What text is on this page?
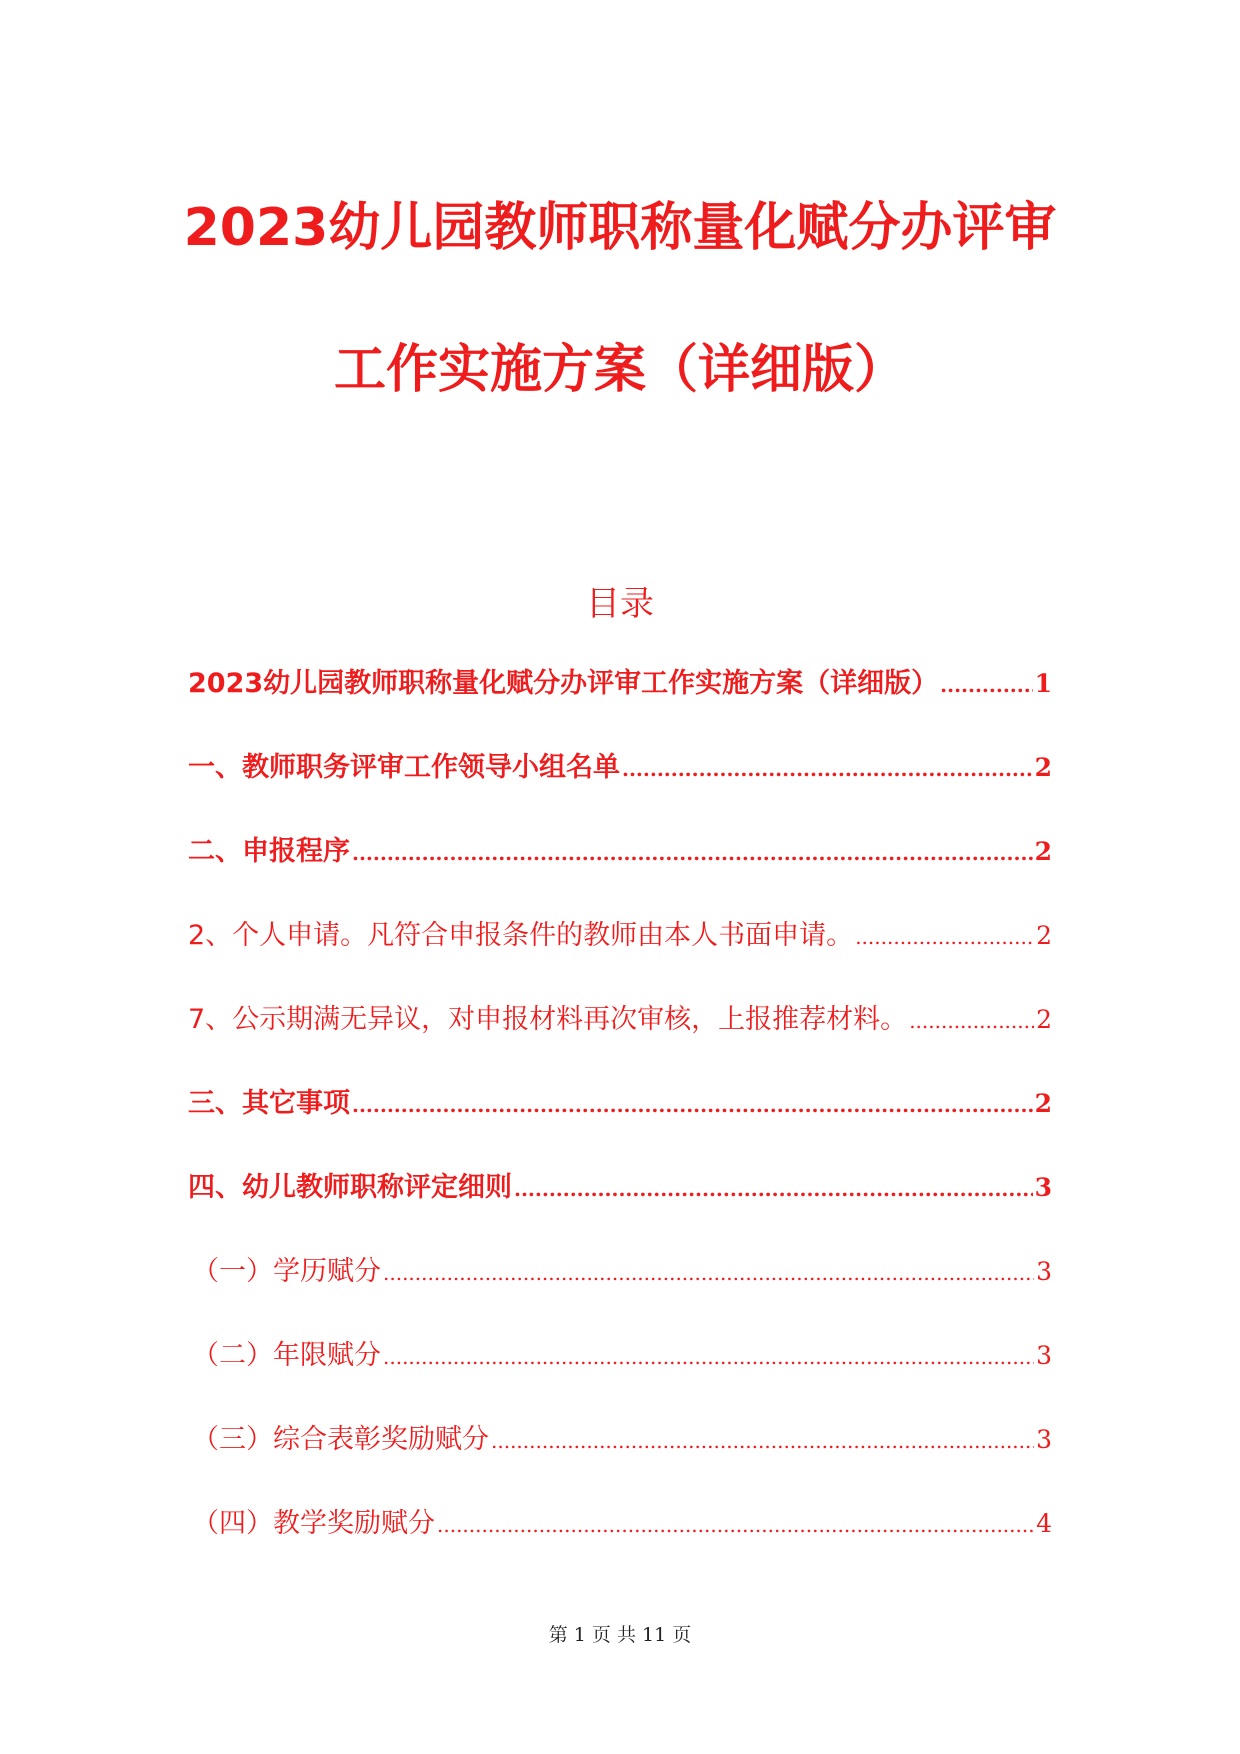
2023幼儿园教师职称量化赋分办评审
工作实施方案（详细版）
目录
2023幼儿园教师职称量化赋分办评审工作实施方案（详细版） .....	1
一、教师职务评审工作领导小组名单 .....	2
二、申报程序 .....	2
2、个人申请。凡符合申报条件的教师由本人书面申请。 .....	2
7、公示期满无异议，对申报材料再次审核，上报推荐材料。 .....	2
三、其它事项 .....	2
四、幼儿教师职称评定细则 .....	3
（一）学历赋分 .....	3
（二）年限赋分 .....	3
（三）综合表彰奖励赋分 .....	3
（四）教学奖励赋分 .....	4
第 1 页 共 11 页
